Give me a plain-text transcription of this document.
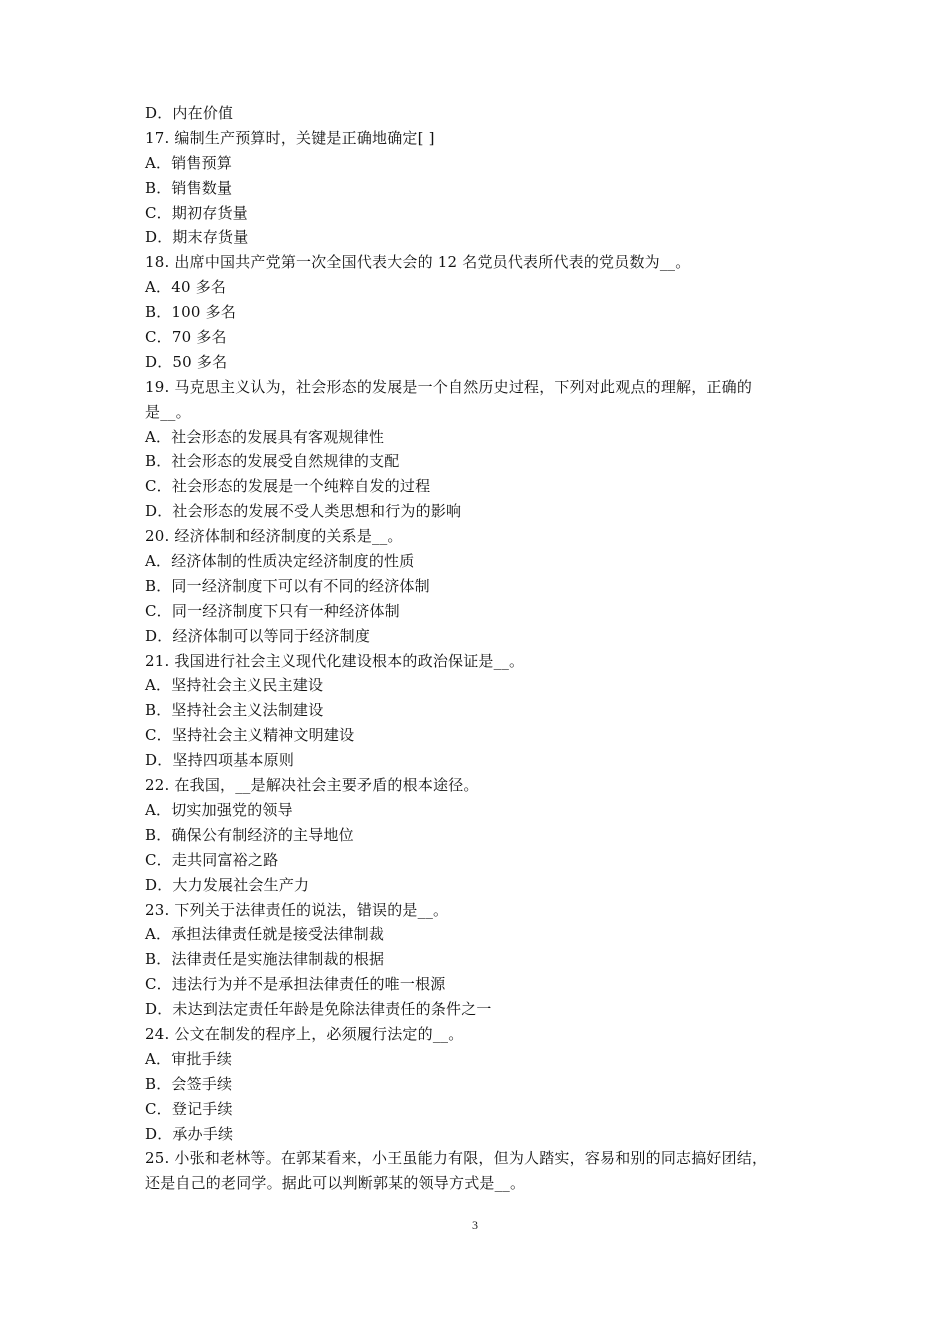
D．内在价值
17. 编制生产预算时，关键是正确地确定[ ]
A．销售预算
B．销售数量
C．期初存货量
D．期末存货量
18. 出席中国共产党第一次全国代表大会的 12 名党员代表所代表的党员数为__。
A．40 多名
B．100 多名
C．70 多名
D．50 多名
19. 马克思主义认为，社会形态的发展是一个自然历史过程，下列对此观点的理解，正确的
是__。
A．社会形态的发展具有客观规律性
B．社会形态的发展受自然规律的支配
C．社会形态的发展是一个纯粹自发的过程
D．社会形态的发展不受人类思想和行为的影响
20. 经济体制和经济制度的关系是__。
A．经济体制的性质决定经济制度的性质
B．同一经济制度下可以有不同的经济体制
C．同一经济制度下只有一种经济体制
D．经济体制可以等同于经济制度
21. 我国进行社会主义现代化建设根本的政治保证是__。
A．坚持社会主义民主建设
B．坚持社会主义法制建设
C．坚持社会主义精神文明建设
D．坚持四项基本原则
22. 在我国，__是解决社会主要矛盾的根本途径。
A．切实加强党的领导
B．确保公有制经济的主导地位
C．走共同富裕之路
D．大力发展社会生产力
23. 下列关于法律责任的说法，错误的是__。
A．承担法律责任就是接受法律制裁
B．法律责任是实施法律制裁的根据
C．违法行为并不是承担法律责任的唯一根源
D．未达到法定责任年龄是免除法律责任的条件之一
24. 公文在制发的程序上，必须履行法定的__。
A．审批手续
B．会签手续
C．登记手续
D．承办手续
25. 小张和老林等。在郭某看来，小王虽能力有限，但为人踏实，容易和别的同志搞好团结，
还是自己的老同学。据此可以判断郭某的领导方式是__。
3
